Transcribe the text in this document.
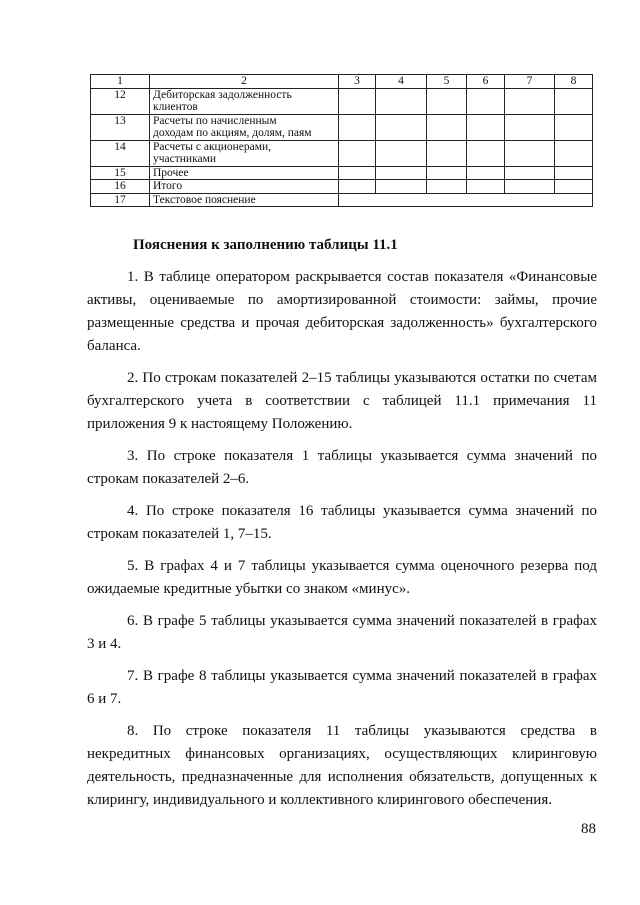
1	2	3	4	5	6	7	8
12	Дебиторская задолженность
клиентов						
13	Расчеты по начисленным
доходам по акциям, долям, паям						
14	Расчеты с акционерами,
участниками						
15	Прочее						
16	Итого						
17	Текстовое пояснение						
Пояснения к заполнению таблицы 11.1

1. В таблице оператором раскрывается состав показателя «Финансовые активы, оцениваемые по амортизированной стоимости: займы, прочие размещенные средства и прочая дебиторская задолженность» бухгалтерского баланса.

2. По строкам показателей 2–15 таблицы указываются остатки по счетам бухгалтерского учета в соответствии с таблицей 11.1 примечания 11 приложения 9 к настоящему Положению.

3. По строке показателя 1 таблицы указывается сумма значений по строкам показателей 2–6.

4. По строке показателя 16 таблицы указывается сумма значений по строкам показателей 1, 7–15.

5. В графах 4 и 7 таблицы указывается сумма оценочного резерва под ожидаемые кредитные убытки со знаком «минус».

6. В графе 5 таблицы указывается сумма значений показателей в графах 3 и 4.

7. В графе 8 таблицы указывается сумма значений показателей в графах 6 и 7.

8. По строке показателя 11 таблицы указываются средства в некредитных финансовых организациях, осуществляющих клиринговую деятельность, предназначенные для исполнения обязательств, допущенных к клирингу, индивидуального и коллективного клирингового обеспечения.

88
